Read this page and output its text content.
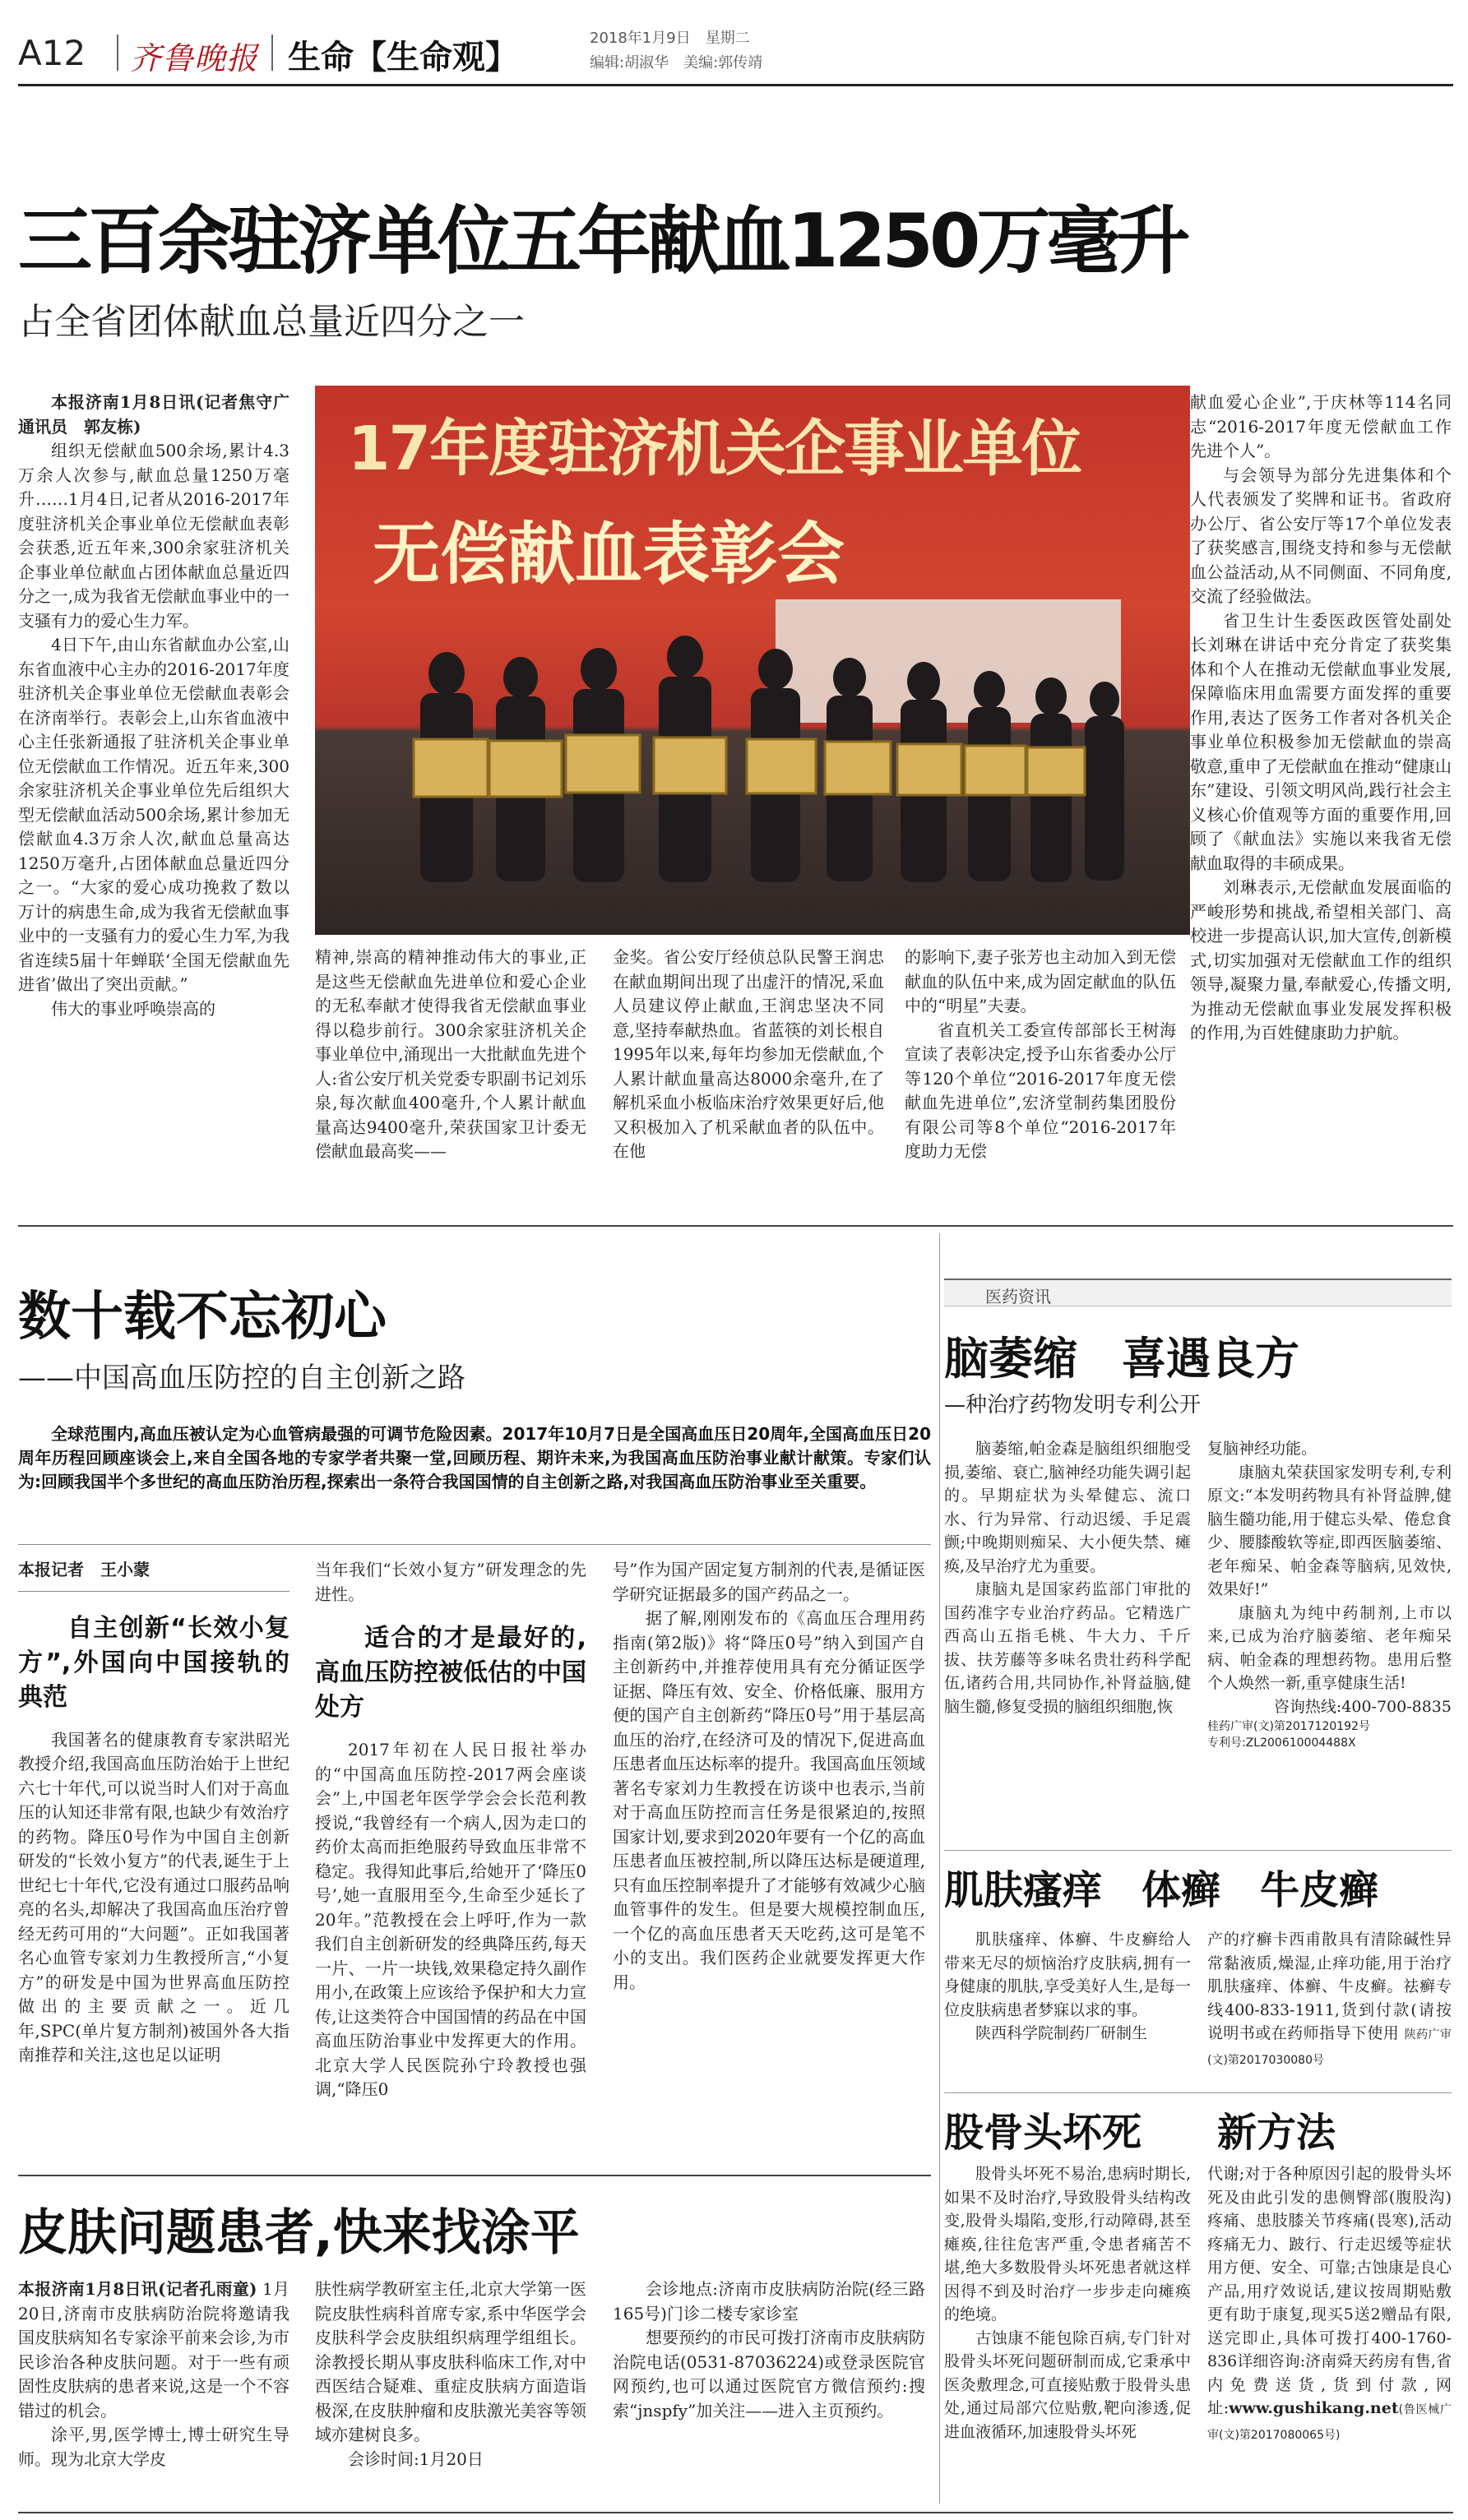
A12 齐鲁晚报 生命【生命观】
2018年1月9日　星期二
编辑:胡淑华　美编:郭传靖
三百余驻济单位五年献血1250万毫升
占全省团体献血总量近四分之一
17年度驻济机关企事业单位
无偿献血表彰会

本报济南1月8日讯(记者焦守广　通讯员　郭友栋)

组织无偿献血500余场,累计4.3万余人次参与,献血总量1250万毫升……1月4日,记者从2016-2017年度驻济机关企事业单位无偿献血表彰会获悉,近五年来,300余家驻济机关企事业单位献血占团体献血总量近四分之一,成为我省无偿献血事业中的一支骚有力的爱心生力军。

4日下午,由山东省献血办公室,山东省血液中心主办的2016-2017年度驻济机关企事业单位无偿献血表彰会在济南举行。表彰会上,山东省血液中心主任张新通报了驻济机关企事业单位无偿献血工作情况。近五年来,300余家驻济机关企事业单位先后组织大型无偿献血活动500余场,累计参加无偿献血4.3万余人次,献血总量高达1250万毫升,占团体献血总量近四分之一。“大家的爱心成功挽救了数以万计的病患生命,成为我省无偿献血事业中的一支骚有力的爱心生力军,为我省连续5届十年蝉联‘全国无偿献血先进省’做出了突出贡献。”

伟大的事业呼唤崇高的

精神,崇高的精神推动伟大的事业,正是这些无偿献血先进单位和爱心企业的无私奉献才使得我省无偿献血事业得以稳步前行。300余家驻济机关企事业单位中,涌现出一大批献血先进个人:省公安厅机关党委专职副书记刘乐泉,每次献血400毫升,个人累计献血量高达9400毫升,荣获国家卫计委无偿献血最高奖——

金奖。省公安厅经侦总队民警王润忠在献血期间出现了出虚汗的情况,采血人员建议停止献血,王润忠坚决不同意,坚持奉献热血。省蓝筷的刘长根自1995年以来,每年均参加无偿献血,个人累计献血量高达8000余毫升,在了解机采血小板临床治疗效果更好后,他又积极加入了机采献血者的队伍中。在他

的影响下,妻子张芳也主动加入到无偿献血的队伍中来,成为固定献血的队伍中的“明星”夫妻。

省直机关工委宣传部部长王树海宣读了表彰决定,授予山东省委办公厅等120个单位“2016-2017年度无偿献血先进单位”,宏济堂制药集团股份有限公司等8个单位“2016-2017年度助力无偿

献血爱心企业”,于庆林等114名同志“2016-2017年度无偿献血工作先进个人”。

与会领导为部分先进集体和个人代表颁发了奖牌和证书。省政府办公厅、省公安厅等17个单位发表了获奖感言,围绕支持和参与无偿献血公益活动,从不同侧面、不同角度,交流了经验做法。

省卫生计生委医政医管处副处长刘琳在讲话中充分肯定了获奖集体和个人在推动无偿献血事业发展,保障临床用血需要方面发挥的重要作用,表达了医务工作者对各机关企事业单位积极参加无偿献血的崇高敬意,重申了无偿献血在推动“健康山东”建设、引领文明风尚,践行社会主义核心价值观等方面的重要作用,回顾了《献血法》实施以来我省无偿献血取得的丰硕成果。

刘琳表示,无偿献血发展面临的严峻形势和挑战,希望相关部门、高校进一步提高认识,加大宣传,创新模式,切实加强对无偿献血工作的组织领导,凝聚力量,奉献爱心,传播文明,为推动无偿献血事业发展发挥积极的作用,为百姓健康助力护航。

数十载不忘初心
——中国高血压防控的自主创新之路
全球范围内,高血压被认定为心血管病最强的可调节危险因素。2017年10月7日是全国高血压日20周年,全国高血压日20周年历程回顾座谈会上,来自全国各地的专家学者共聚一堂,回顾历程、期许未来,为我国高血压防治事业献计献策。专家们认为:回顾我国半个多世纪的高血压防治历程,探索出一条符合我国国情的自主创新之路,对我国高血压防治事业至关重要。

本报记者　王小蒙

自主创新“长效小复方”,外国向中国接轨的典范

我国著名的健康教育专家洪昭光教授介绍,我国高血压防治始于上世纪六七十年代,可以说当时人们对于高血压的认知还非常有限,也缺少有效治疗的药物。降压0号作为中国自主创新研发的“长效小复方”的代表,诞生于上世纪七十年代,它没有通过口服药品响亮的名头,却解决了我国高血压治疗曾经无药可用的“大问题”。正如我国著名心血管专家刘力生教授所言,“小复方”的研发是中国为世界高血压防控做出的主要贡献之一。近几年,SPC(单片复方制剂)被国外各大指南推荐和关注,这也足以证明

当年我们“长效小复方”研发理念的先进性。

适合的才是最好的,高血压防控被低估的中国处方

2017年初在人民日报社举办的“中国高血压防控-2017两会座谈会”上,中国老年医学学会会长范利教授说,“我曾经有一个病人,因为走口的药价太高而拒绝服药导致血压非常不稳定。我得知此事后,给她开了‘降压0号’,她一直服用至今,生命至少延长了20年。”范教授在会上呼吁,作为一款我们自主创新研发的经典降压药,每天一片、一片一块钱,效果稳定持久副作用小,在政策上应该给予保护和大力宣传,让这类符合中国国情的药品在中国高血压防治事业中发挥更大的作用。北京大学人民医院孙宁玲教授也强调,“降压0

号”作为国产固定复方制剂的代表,是循证医学研究证据最多的国产药品之一。

据了解,刚刚发布的《高血压合理用药指南(第2版)》将“降压0号”纳入到国产自主创新药中,并推荐使用具有充分循证医学证据、降压有效、安全、价格低廉、服用方便的国产自主创新药“降压0号”用于基层高血压的治疗,在经济可及的情况下,促进高血压患者血压达标率的提升。我国高血压领域著名专家刘力生教授在访谈中也表示,当前对于高血压防控而言任务是很紧迫的,按照国家计划,要求到2020年要有一个亿的高血压患者血压被控制,所以降压达标是硬道理,只有血压控制率提升了才能够有效减少心脑血管事件的发生。但是要大规模控制血压,一个亿的高血压患者天天吃药,这可是笔不小的支出。我们医药企业就要发挥更大作用。

皮肤问题患者,快来找涂平

本报济南1月8日讯(记者孔雨童) 1月20日,济南市皮肤病防治院将邀请我国皮肤病知名专家涂平前来会诊,为市民诊治各种皮肤问题。对于一些有顽固性皮肤病的患者来说,这是一个不容错过的机会。

涂平,男,医学博士,博士研究生导师。现为北京大学皮

肤性病学教研室主任,北京大学第一医院皮肤性病科首席专家,系中华医学会皮肤科学会皮肤组织病理学组组长。涂教授长期从事皮肤科临床工作,对中西医结合疑难、重症皮肤病方面造诣极深,在皮肤肿瘤和皮肤激光美容等领域亦建树良多。

会诊时间:1月20日

会诊地点:济南市皮肤病防治院(经三路165号)门诊二楼专家诊室

想要预约的市民可拨打济南市皮肤病防治院电话(0531-87036224)或登录医院官网预约,也可以通过医院官方微信预约:搜索“jnspfy”加关注——进入主页预约。

医药资讯
脑萎缩　喜遇良方
—种治疗药物发明专利公开

脑萎缩,帕金森是脑组织细胞受损,萎缩、衰亡,脑神经功能失调引起的。早期症状为头晕健忘、流口水、行为异常、行动迟缓、手足震颤;中晚期则痴呆、大小便失禁、瘫痪,及早治疗尤为重要。

康脑丸是国家药监部门审批的国药准字专业治疗药品。它精选广西高山五指毛桃、牛大力、千斤拔、扶芳藤等多味名贵壮药科学配伍,诸药合用,共同协作,补肾益脑,健脑生髓,修复受损的脑组织细胞,恢

复脑神经功能。

康脑丸荣获国家发明专利,专利原文:“本发明药物具有补肾益脾,健脑生髓功能,用于健忘头晕、倦怠食少、腰膝酸软等症,即西医脑萎缩、老年痴呆、帕金森等脑病,见效快,效果好!”

康脑丸为纯中药制剂,上市以来,已成为治疗脑萎缩、老年痴呆病、帕金森的理想药物。患用后整个人焕然一新,重享健康生活!

咨询热线:400-700-8835

桂药广审(文)第2017120192号

专利号:ZL200610004488X

肌肤瘙痒　体癣　牛皮癣

肌肤瘙痒、体癣、牛皮癣给人带来无尽的烦恼治疗皮肤病,拥有一身健康的肌肤,享受美好人生,是每一位皮肤病患者梦寐以求的事。

陕西科学院制药厂研制生

产的疗癣卡西甫散具有清除碱性异常黏液质,燥湿,止痒功能,用于治疗肌肤瘙痒、体癣、牛皮癣。祛癣专线400-833-1911,货到付款(请按说明书或在药师指导下使用 陕药广审(文)第2017030080号

股骨头坏死 新方法

股骨头坏死不易治,患病时期长,如果不及时治疗,导致股骨头结构改变,股骨头塌陷,变形,行动障碍,甚至瘫痪,往往危害严重,令患者痛苦不堪,绝大多数股骨头坏死患者就这样因得不到及时治疗一步步走向瘫痪的绝境。

古蚀康不能包除百病,专门针对股骨头坏死问题研制而成,它秉承中医灸敷理念,可直接贴敷于股骨头患处,通过局部穴位贴敷,靶向渗透,促进血液循环,加速股骨头坏死

代谢;对于各种原因引起的股骨头坏死及由此引发的患侧臀部(腹股沟)疼痛、患肢膝关节疼痛(畏寒),活动疼痛无力、跛行、行走迟缓等症状用方便、安全、可靠;古蚀康是良心产品,用疗效说话,建议按周期贴敷更有助于康复,现买5送2赠品有限,送完即止,具体可拨打400-1760-836详细咨询:济南舜天药房有售,省内免费送货,货到付款,网址:www.gushikang.net(鲁医械广审(文)第2017080065号)
